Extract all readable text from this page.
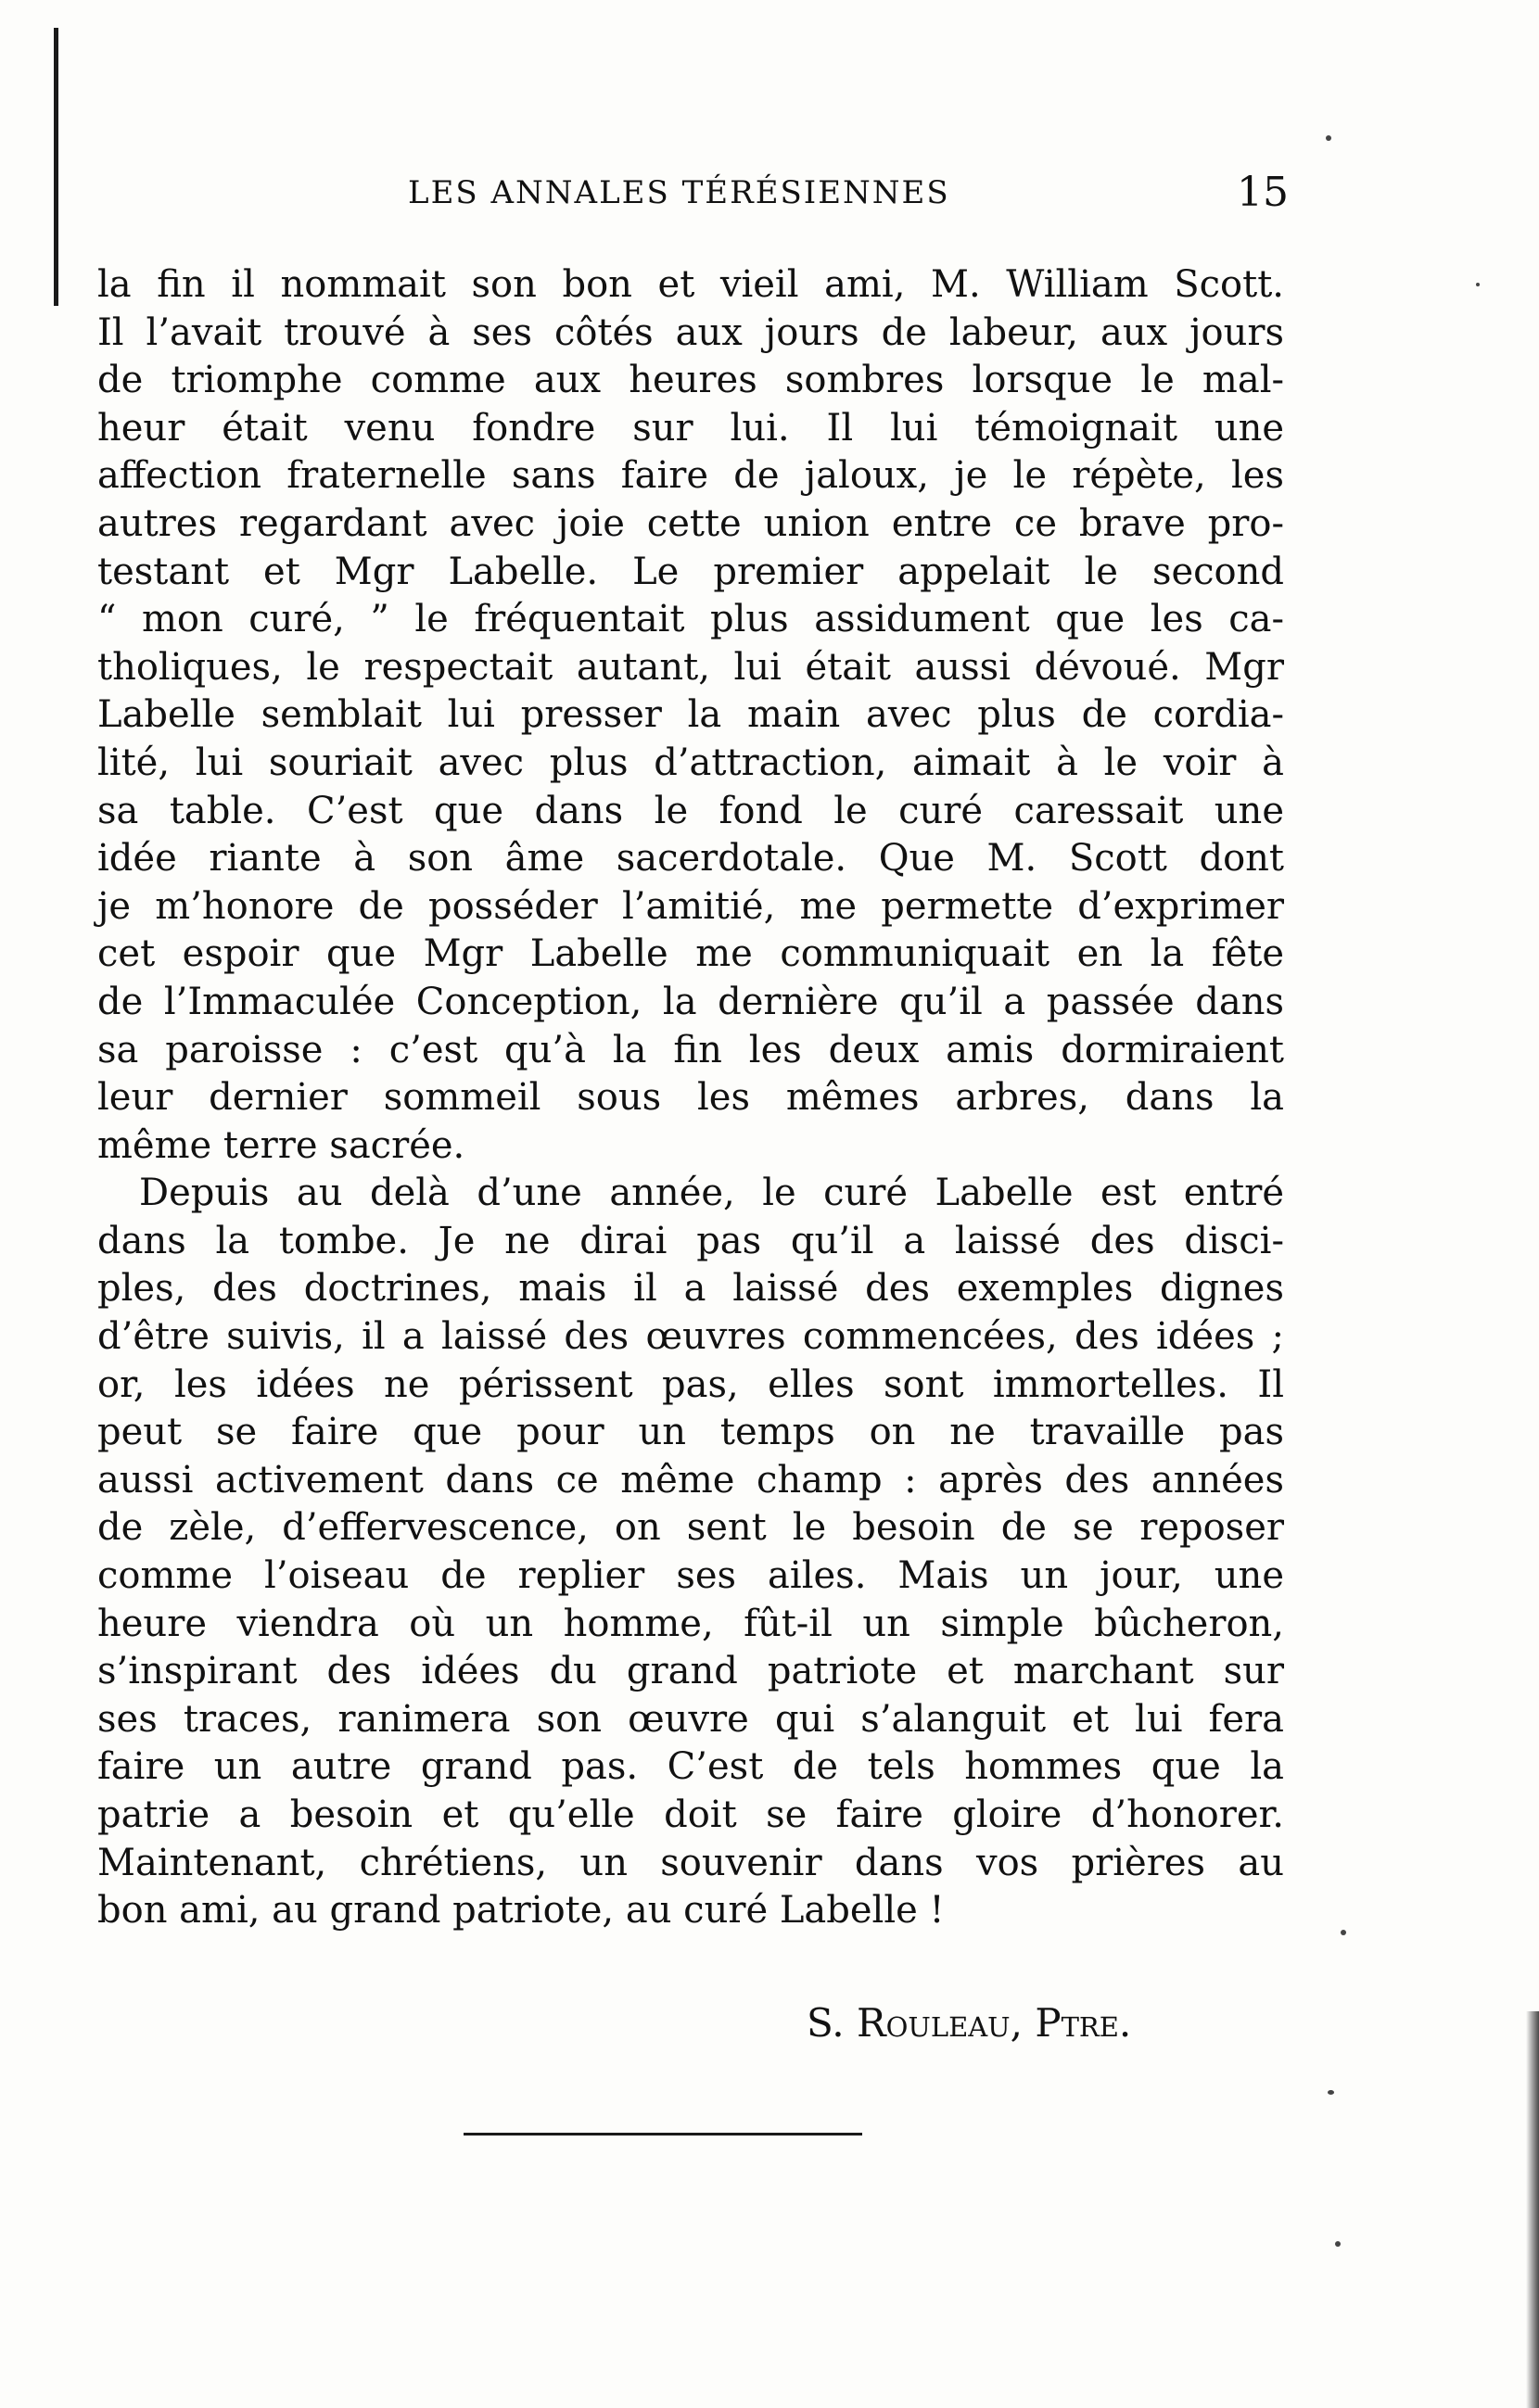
LES ANNALES TÉRÉSIENNES	15
la fin il nommait son bon et vieil ami, M. William Scott.
Il l’avait trouvé à ses côtés aux jours de labeur, aux jours
de triomphe comme aux heures sombres lorsque le mal-
heur était venu fondre sur lui. Il lui témoignait une
affection fraternelle sans faire de jaloux, je le répète, les
autres regardant avec joie cette union entre ce brave pro-
testant et Mgr Labelle. Le premier appelait le second
“ mon curé, ” le fréquentait plus assidument que les ca-
tholiques, le respectait autant, lui était aussi dévoué. Mgr
Labelle semblait lui presser la main avec plus de cordia-
lité, lui souriait avec plus d’attraction, aimait à le voir à
sa table. C’est que dans le fond le curé caressait une
idée riante à son âme sacerdotale. Que M. Scott dont
je m’honore de posséder l’amitié, me permette d’exprimer
cet espoir que Mgr Labelle me communiquait en la fête
de l’Immaculée Conception, la dernière qu’il a passée dans
sa paroisse : c’est qu’à la fin les deux amis dormiraient
leur dernier sommeil sous les mêmes arbres, dans la
même terre sacrée.
Depuis au delà d’une année, le curé Labelle est entré
dans la tombe. Je ne dirai pas qu’il a laissé des disci-
ples, des doctrines, mais il a laissé des exemples dignes
d’être suivis, il a laissé des œuvres commencées, des idées ;
or, les idées ne périssent pas, elles sont immortelles. Il
peut se faire que pour un temps on ne travaille pas
aussi activement dans ce même champ : après des années
de zèle, d’effervescence, on sent le besoin de se reposer
comme l’oiseau de replier ses ailes. Mais un jour, une
heure viendra où un homme, fût-il un simple bûcheron,
s’inspirant des idées du grand patriote et marchant sur
ses traces, ranimera son œuvre qui s’alanguit et lui fera
faire un autre grand pas. C’est de tels hommes que la
patrie a besoin et qu’elle doit se faire gloire d’honorer.
Maintenant, chrétiens, un souvenir dans vos prières au
bon ami, au grand patriote, au curé Labelle !
S. Rouleau, Ptre.
